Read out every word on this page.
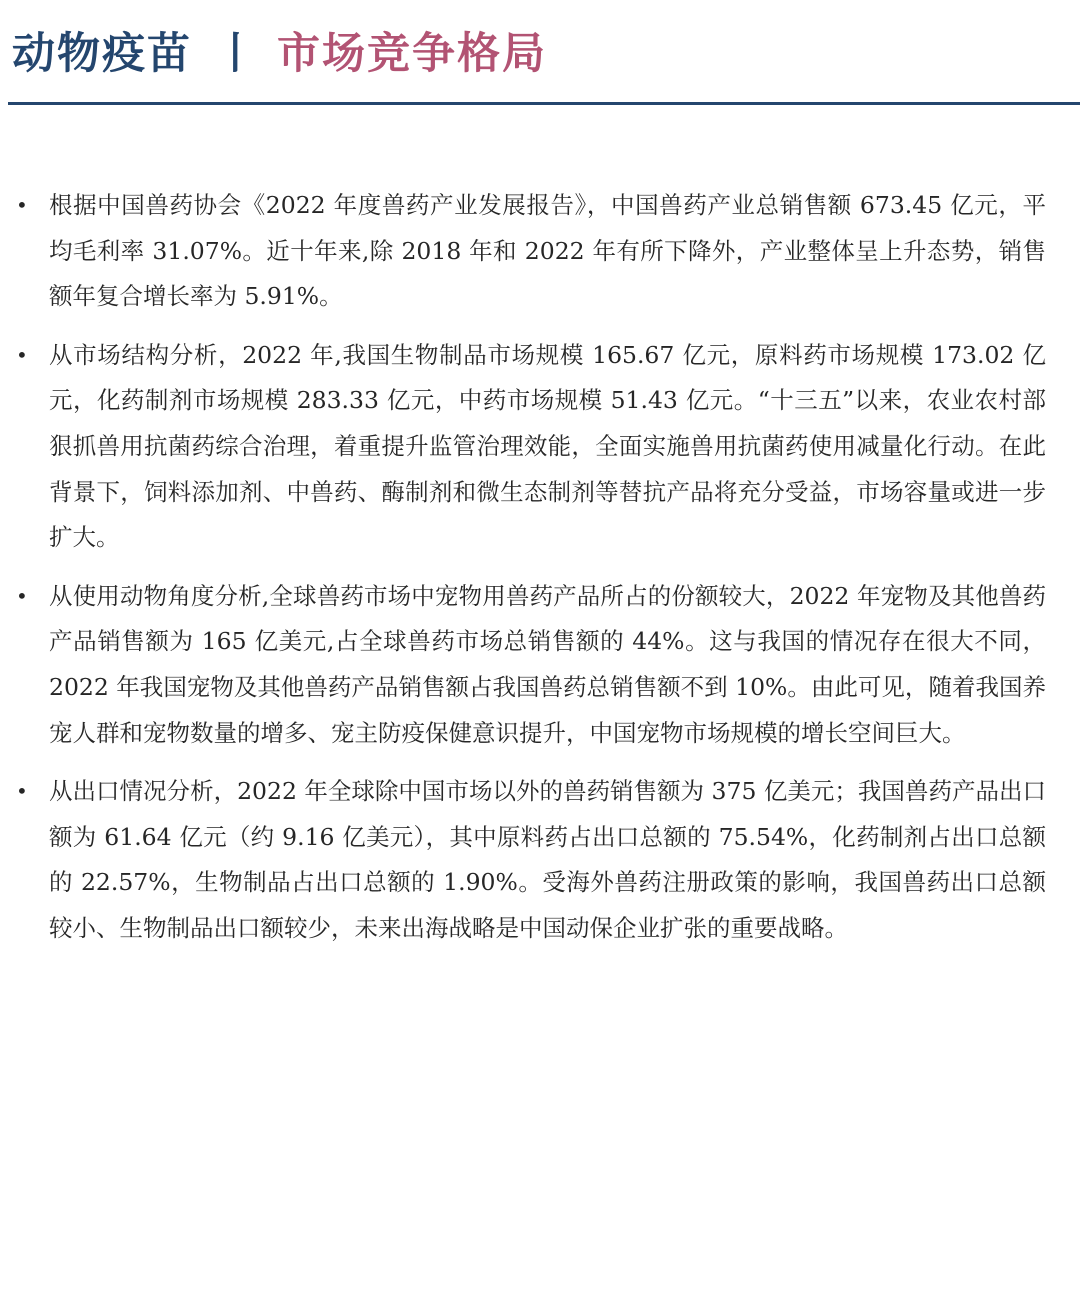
动物疫苗 丨 市场竞争格局
• 根据中国兽药协会《2022 年度兽药产业发展报告》，中国兽药产业总销售额 673.45 亿元，平均毛利率 31.07%。近十年来,除 2018 年和 2022 年有所下降外，产业整体呈上升态势，销售额年复合增长率为 5.91%。
• 从市场结构分析，2022 年,我国生物制品市场规模 165.67 亿元，原料药市场规模 173.02 亿元，化药制剂市场规模 283.33 亿元，中药市场规模 51.43 亿元。“十三五”以来，农业农村部狠抓兽用抗菌药综合治理，着重提升监管治理效能，全面实施兽用抗菌药使用减量化行动。在此背景下，饲料添加剂、中兽药、酶制剂和微生态制剂等替抗产品将充分受益，市场容量或进一步扩大。
• 从使用动物角度分析,全球兽药市场中宠物用兽药产品所占的份额较大，2022 年宠物及其他兽药产品销售额为 165 亿美元,占全球兽药市场总销售额的 44%。这与我国的情况存在很大不同，2022 年我国宠物及其他兽药产品销售额占我国兽药总销售额不到 10%。由此可见，随着我国养宠人群和宠物数量的增多、宠主防疫保健意识提升，中国宠物市场规模的增长空间巨大。
• 从出口情况分析，2022 年全球除中国市场以外的兽药销售额为 375 亿美元；我国兽药产品出口额为 61.64 亿元（约 9.16 亿美元），其中原料药占出口总额的 75.54%，化药制剂占出口总额的 22.57%，生物制品占出口总额的 1.90%。受海外兽药注册政策的影响，我国兽药出口总额较小、生物制品出口额较少，未来出海战略是中国动保企业扩张的重要战略。
